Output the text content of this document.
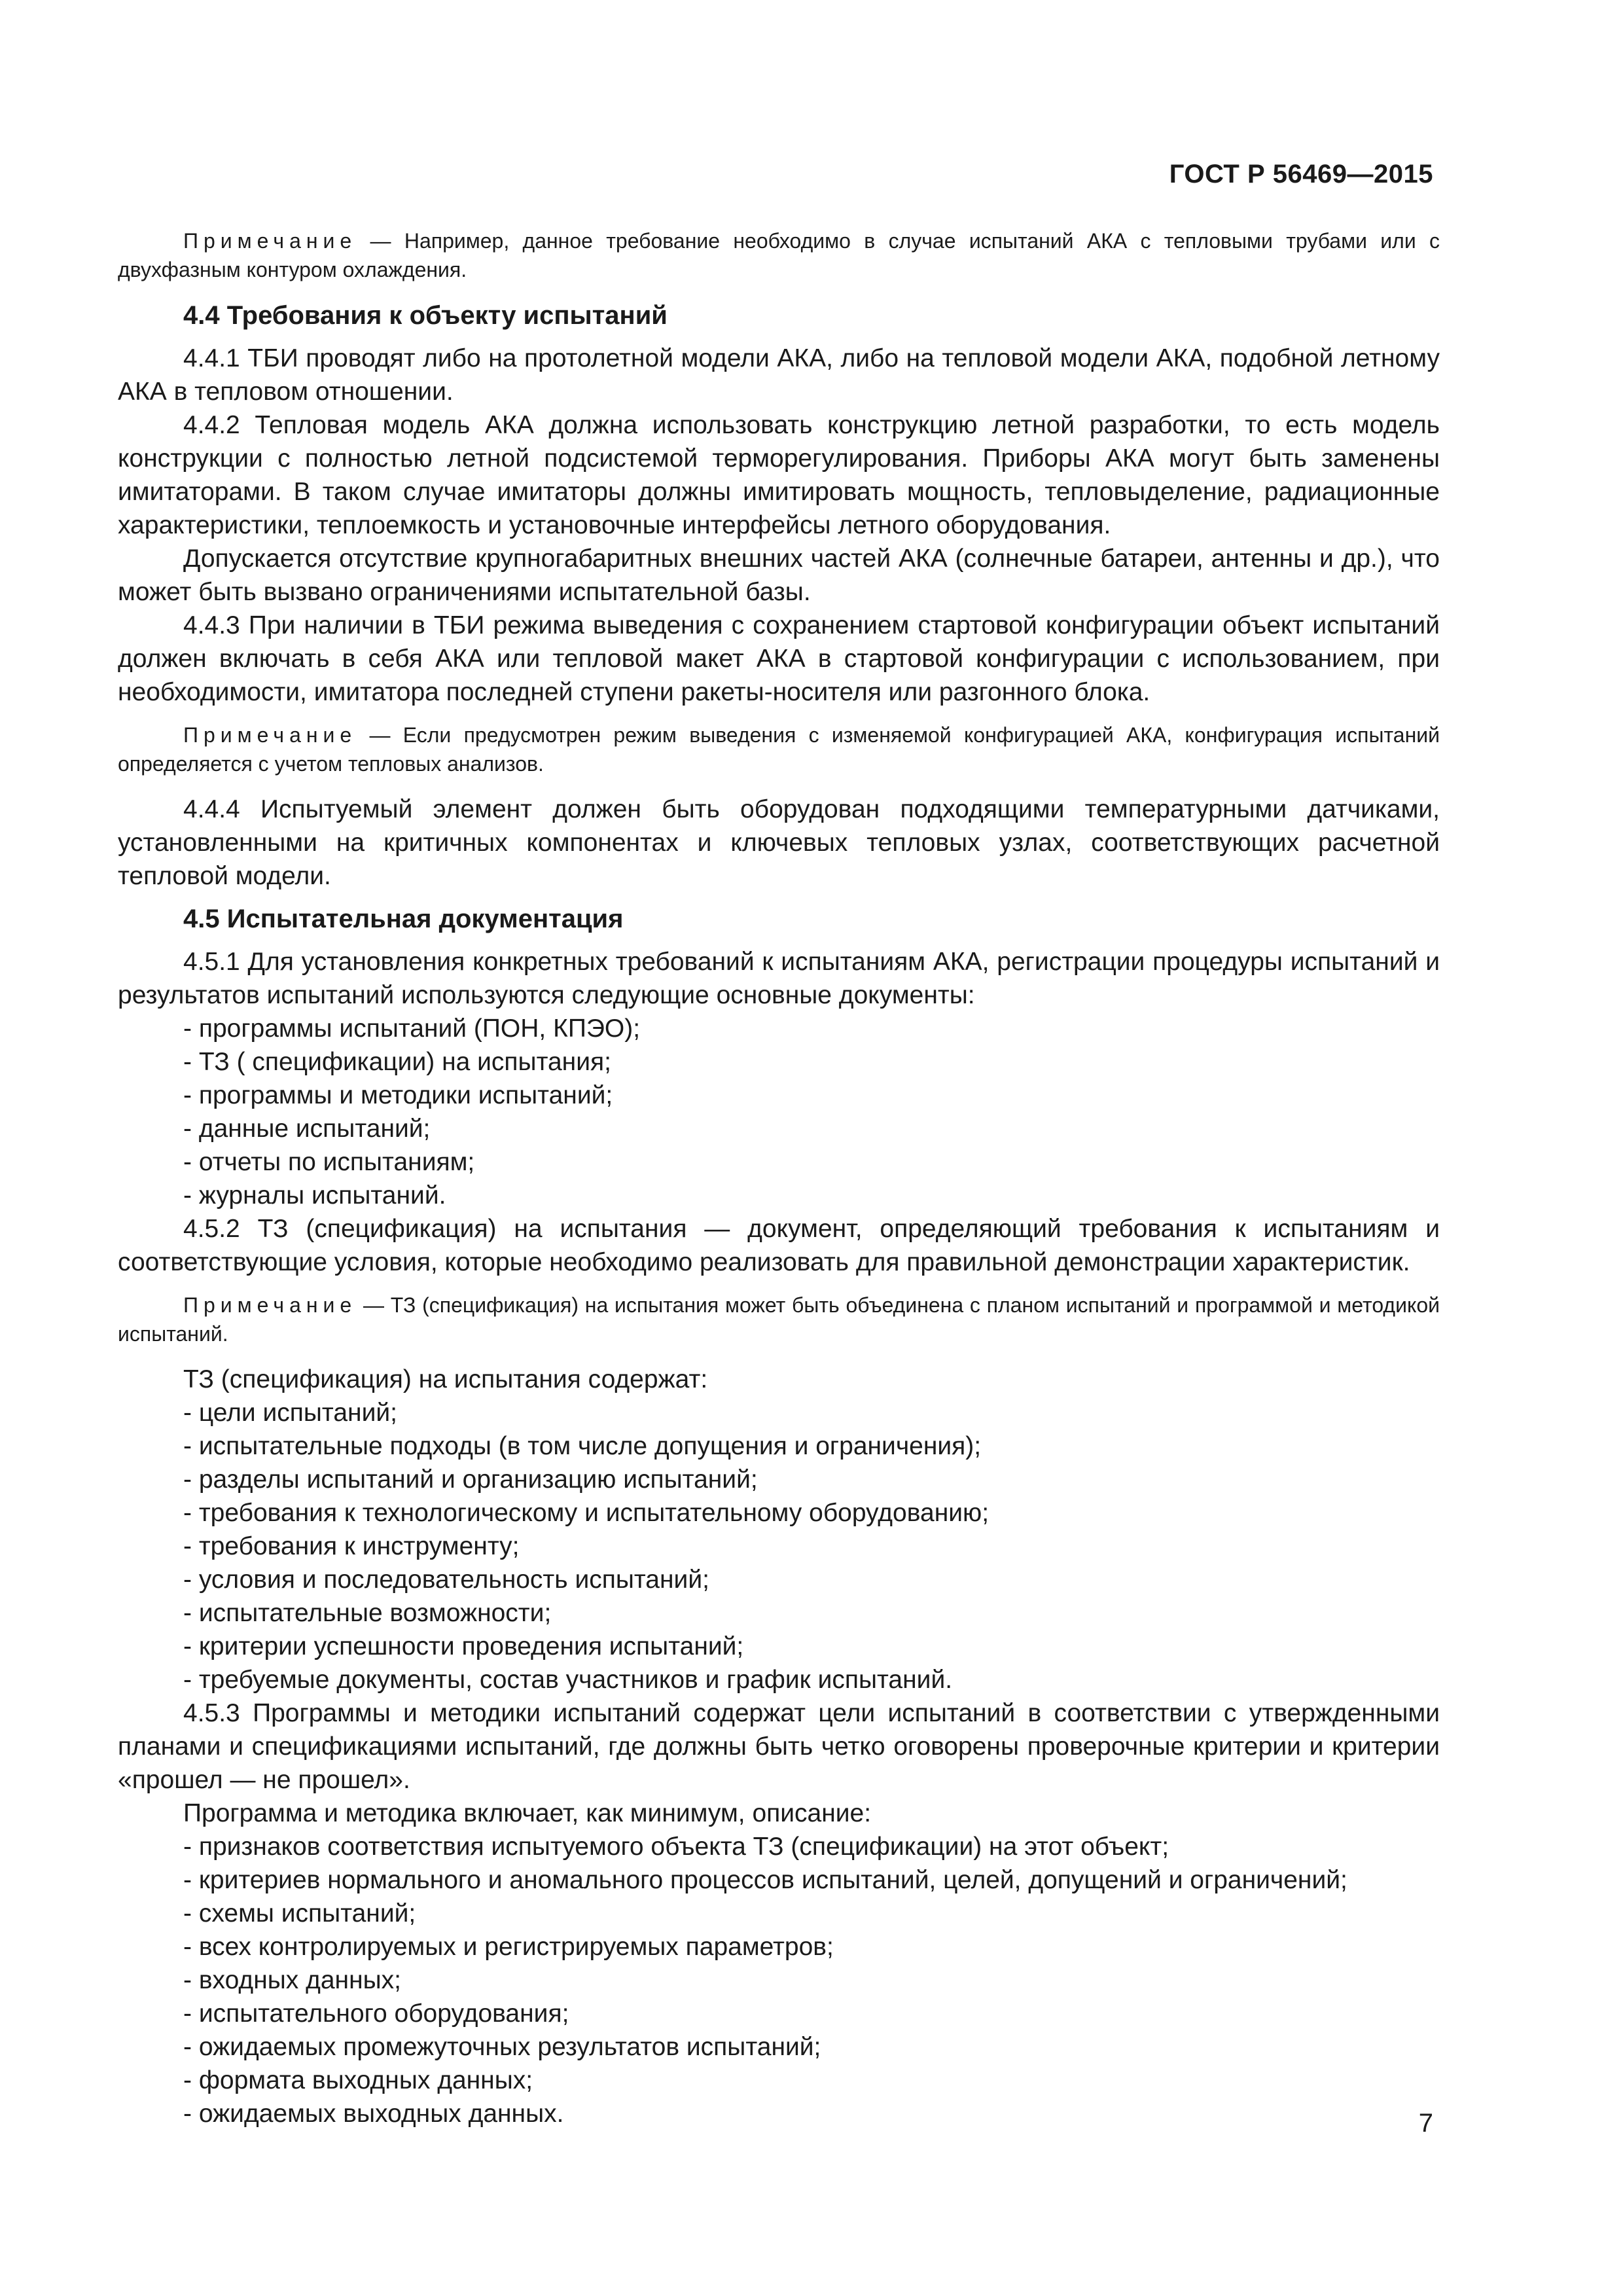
ГОСТ Р 56469—2015

Примечание — Например, данное требование необходимо в случае испытаний АКА с тепловыми трубами или с двухфазным контуром охлаждения.

4.4 Требования к объекту испытаний

4.4.1 ТБИ проводят либо на протолетной модели АКА, либо на тепловой модели АКА, подобной летному АКА в тепловом отношении.

4.4.2 Тепловая модель АКА должна использовать конструкцию летной разработки, то есть модель конструкции с полностью летной подсистемой терморегулирования. Приборы АКА могут быть заменены имитаторами. В таком случае имитаторы должны имитировать мощность, тепловыделение, радиационные характеристики, теплоемкость и установочные интерфейсы летного оборудования.

Допускается отсутствие крупногабаритных внешних частей АКА (солнечные батареи, антенны и др.), что может быть вызвано ограничениями испытательной базы.

4.4.3 При наличии в ТБИ режима выведения с сохранением стартовой конфигурации объект испытаний должен включать в себя АКА или тепловой макет АКА в стартовой конфигурации с использованием, при необходимости, имитатора последней ступени ракеты-носителя или разгонного блока.

Примечание — Если предусмотрен режим выведения с изменяемой конфигурацией АКА, конфигурация испытаний определяется с учетом тепловых анализов.

4.4.4 Испытуемый элемент должен быть оборудован подходящими температурными датчиками, установленными на критичных компонентах и ключевых тепловых узлах, соответствующих расчетной тепловой модели.

4.5 Испытательная документация

4.5.1 Для установления конкретных требований к испытаниям АКА, регистрации процедуры испытаний и результатов испытаний используются следующие основные документы:

- программы испытаний (ПОН, КПЭО);
- ТЗ ( спецификации) на испытания;
- программы и методики испытаний;
- данные испытаний;
- отчеты по испытаниям;
- журналы испытаний.

4.5.2 ТЗ (спецификация) на испытания — документ, определяющий требования к испытаниям и соответствующие условия, которые необходимо реализовать для правильной демонстрации характеристик.

Примечание — ТЗ (спецификация) на испытания может быть объединена с планом испытаний и программой и методикой испытаний.

ТЗ (спецификация) на испытания содержат:

- цели испытаний;
- испытательные подходы (в том числе допущения и ограничения);
- разделы испытаний и организацию испытаний;
- требования к технологическому и испытательному оборудованию;
- требования к инструменту;
- условия и последовательность испытаний;
- испытательные возможности;
- критерии успешности проведения испытаний;
- требуемые документы, состав участников и график испытаний.

4.5.3 Программы и методики испытаний содержат цели испытаний в соответствии с утвержденными планами и спецификациями испытаний, где должны быть четко оговорены проверочные критерии и критерии «прошел — не прошел».

Программа и методика включает, как минимум, описание:

- признаков соответствия испытуемого объекта ТЗ (спецификации) на этот объект;
- критериев нормального и аномального процессов испытаний, целей, допущений и ограничений;
- схемы испытаний;
- всех контролируемых и регистрируемых параметров;
- входных данных;
- испытательного оборудования;
- ожидаемых промежуточных результатов испытаний;
- формата выходных данных;
- ожидаемых выходных данных.	7
